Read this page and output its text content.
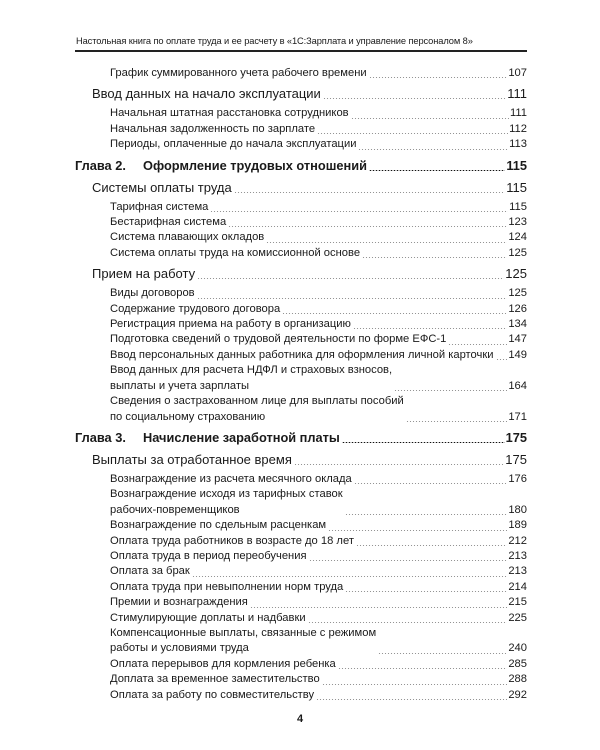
Настольная книга по оплате труда и ее расчету в «1С:Зарплата и управление персоналом 8»
График суммированного учета рабочего времени	107
Ввод данных на начало эксплуатации	111
Начальная штатная расстановка сотрудников	111
Начальная задолженность по зарплате	112
Периоды, оплаченные до начала эксплуатации	113
Глава 2.	Оформление трудовых отношений	115
Системы оплаты труда	115
Тарифная система	115
Бестарифная система	123
Система плавающих окладов	124
Система оплаты труда на комиссионной основе	125
Прием на работу	125
Виды договоров	125
Содержание трудового договора	126
Регистрация приема на работу в организацию	134
Подготовка сведений о трудовой деятельности по форме ЕФС-1	147
Ввод персональных данных работника для оформления личной карточки 149
Ввод данных для расчета НДФЛ и страховых взносов,
выплаты и учета зарплаты	164
Сведения о застрахованном лице для выплаты пособий
по социальному страхованию	171
Глава 3.	Начисление заработной платы	175
Выплаты за отработанное время	175
Вознаграждение из расчета месячного оклада	176
Вознаграждение исходя из тарифных ставок
рабочих-повременщиков	180
Вознаграждение по сдельным расценкам	189
Оплата труда работников в возрасте до 18 лет	212
Оплата труда в период переобучения	213
Оплата за брак	213
Оплата труда при невыполнении норм труда	214
Премии и вознаграждения	215
Стимулирующие доплаты и надбавки	225
Компенсационные выплаты, связанные с режимом
работы и условиями труда	240
Оплата перерывов для кормления ребенка	285
Доплата за временное заместительство	288
Оплата за работу по совместительству	292
4
